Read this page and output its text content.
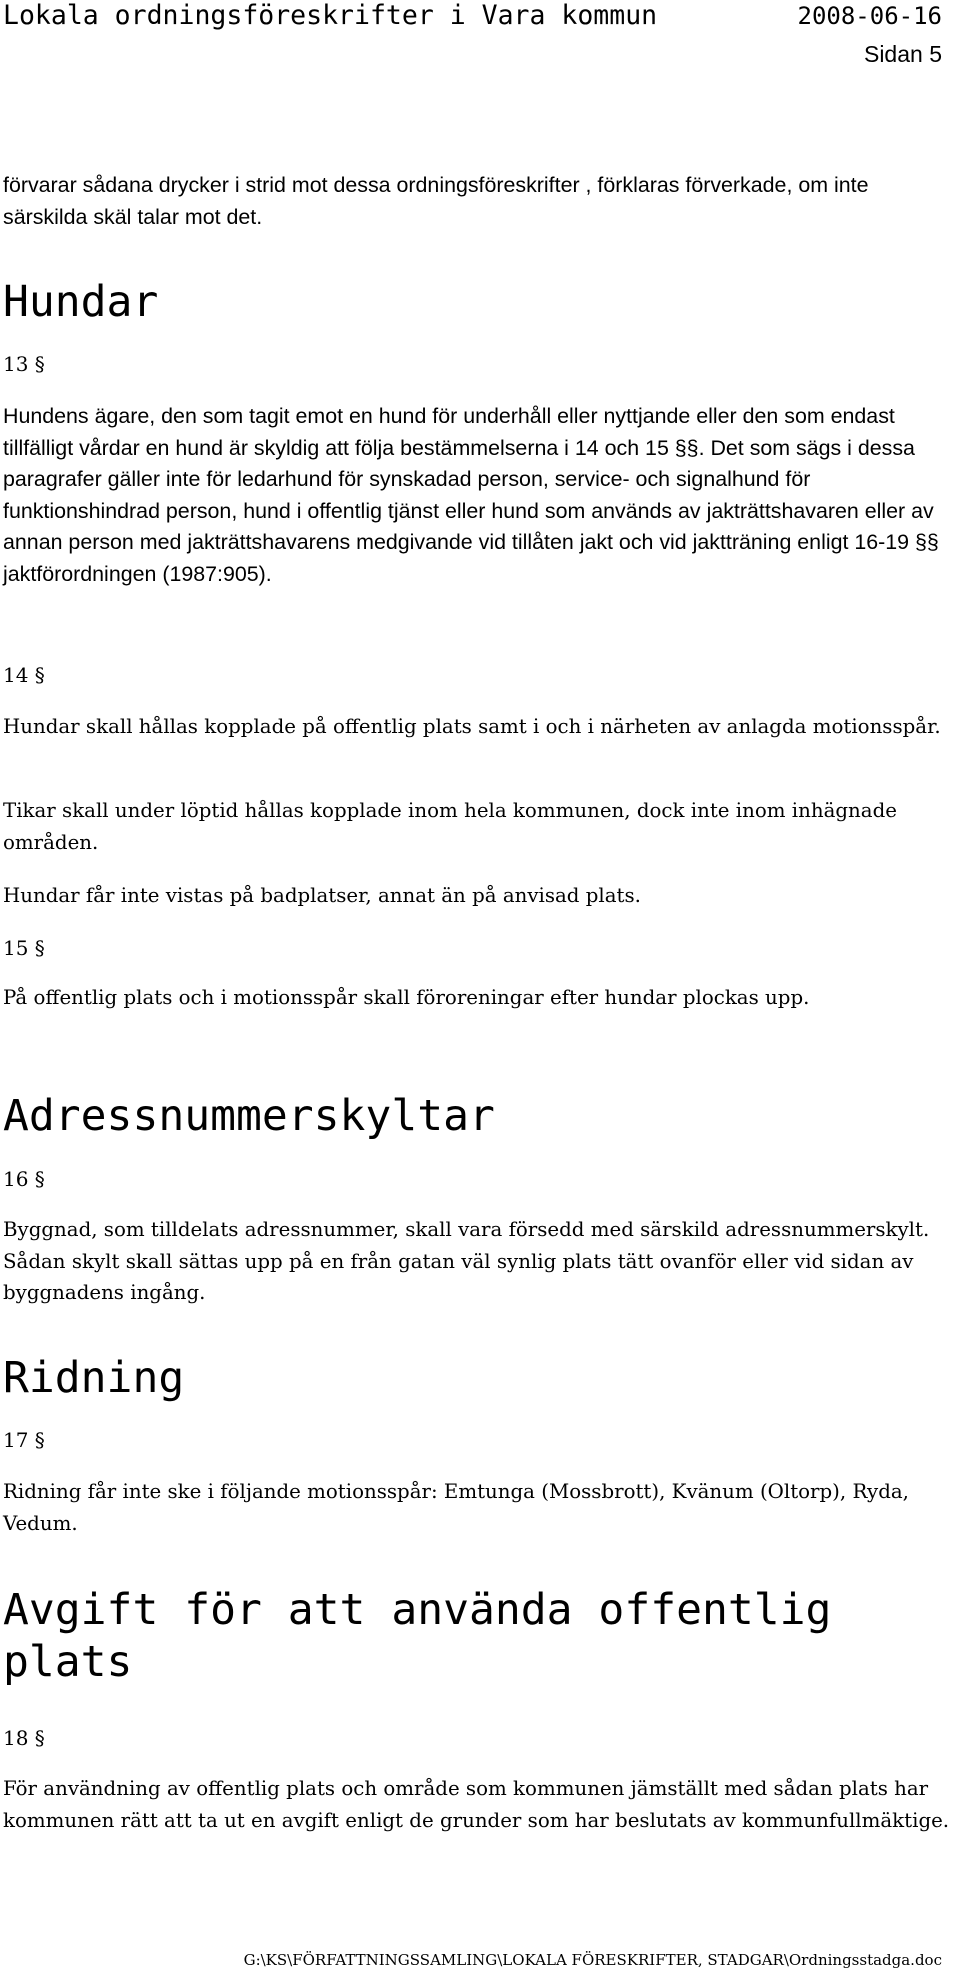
Lokala ordningsföreskrifter i Vara kommun	2008-06-16
Sidan 5

förvarar sådana drycker i strid mot dessa ordningsföreskrifter , förklaras förverkade, om inte särskilda skäl talar mot det.

Hundar
13 §

Hundens ägare, den som tagit emot en hund för underhåll eller nyttjande eller den som endast tillfälligt vårdar en hund är skyldig att följa bestämmelserna i 14 och 15 §§. Det som sägs i dessa paragrafer gäller inte för ledarhund för synskadad person, service- och signalhund för funktionshindrad person, hund i offentlig tjänst eller hund som används av jakträttshavaren eller av annan person med jakträttshavarens medgivande vid tillåten jakt och vid jaktträning enligt 16-19 §§ jaktförordningen (1987:905).

14 §

Hundar skall hållas kopplade på offentlig plats samt i och i närheten av anlagda motionsspår.

Tikar skall under löptid hållas kopplade inom hela kommunen, dock inte inom inhägnade områden.

Hundar får inte vistas på badplatser, annat än på anvisad plats.

15 §

På offentlig plats och i motionsspår skall föroreningar efter hundar plockas upp.

Adressnummerskyltar
16 §

Byggnad, som tilldelats adressnummer, skall vara försedd med särskild adressnummerskylt. Sådan skylt skall sättas upp på en från gatan väl synlig plats tätt ovanför eller vid sidan av byggnadens ingång.

Ridning
17 §

Ridning får inte ske i följande motionsspår: Emtunga (Mossbrott), Kvänum (Oltorp), Ryda, Vedum.

Avgift för att använda offentlig plats
18 §

För användning av offentlig plats och område som kommunen jämställt med sådan plats har kommunen rätt att ta ut en avgift enligt de grunder som har beslutats av kommunfullmäktige.

G:\KS\FÖRFATTNINGSSAMLING\LOKALA FÖRESKRIFTER, STADGAR\Ordningsstadga.doc
